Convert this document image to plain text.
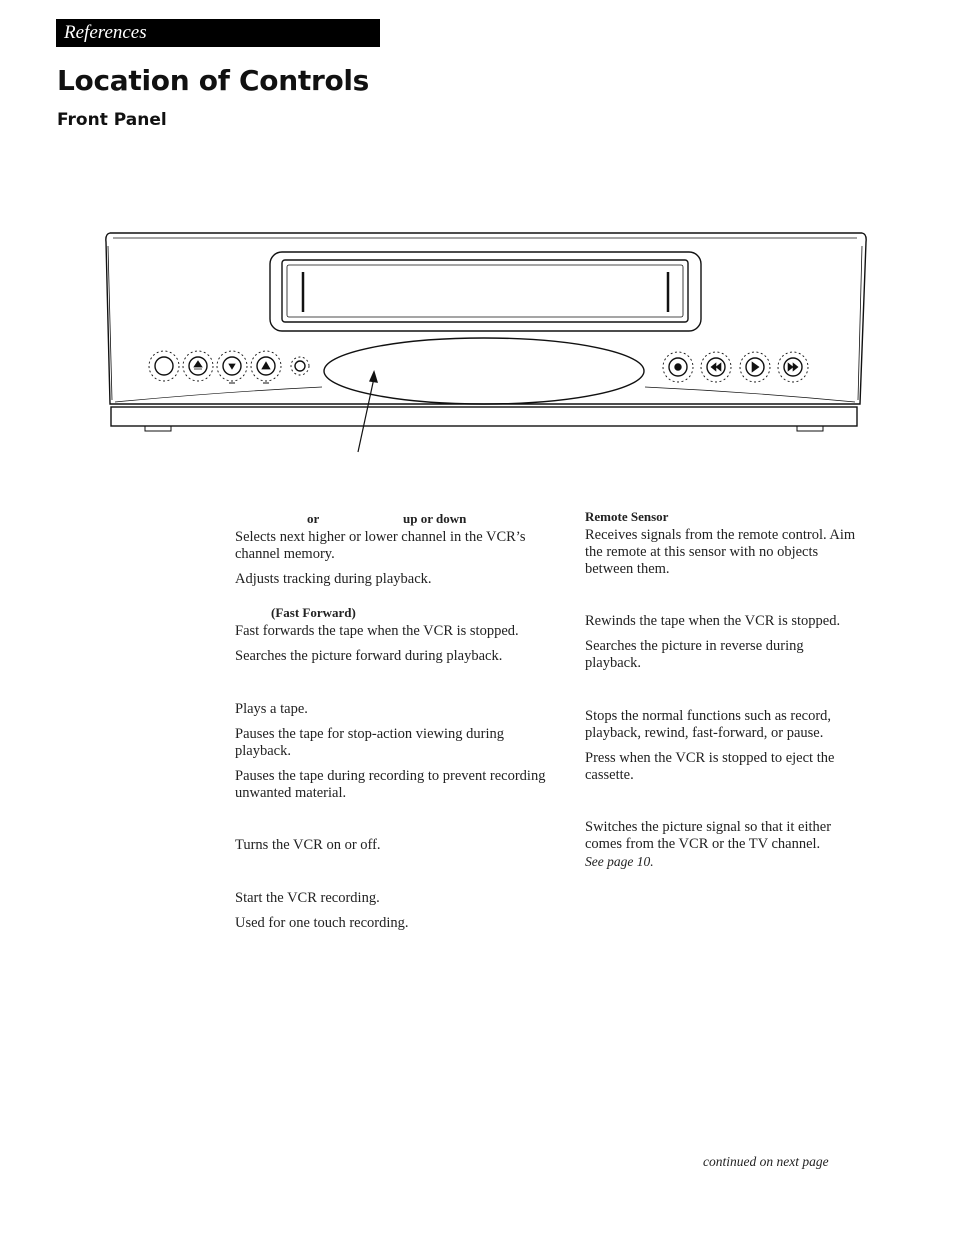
References
Location of Controls
Front Panel
or	up or down

Selects next higher or lower channel in the VCR’s channel memory.

Adjusts tracking during playback.

(Fast Forward)

Fast forwards the tape when the VCR is stopped.

Searches the picture forward during playback.

Plays a tape.

Pauses the tape for stop-action viewing during playback.

Pauses the tape during recording to prevent recording unwanted material.

Turns the VCR on or off.

Start the VCR recording.

Used for one touch recording.

Remote Sensor

Receives signals from the remote control. Aim the remote at this sensor with no objects between them.

Rewinds the tape when the VCR is stopped.

Searches the picture in reverse during playback.

Stops the normal functions such as record, playback, rewind, fast-forward, or pause.

Press when the VCR is stopped to eject the cassette.

Switches the picture signal so that it either comes from the VCR or the TV channel.

See page 10.
continued on next page
